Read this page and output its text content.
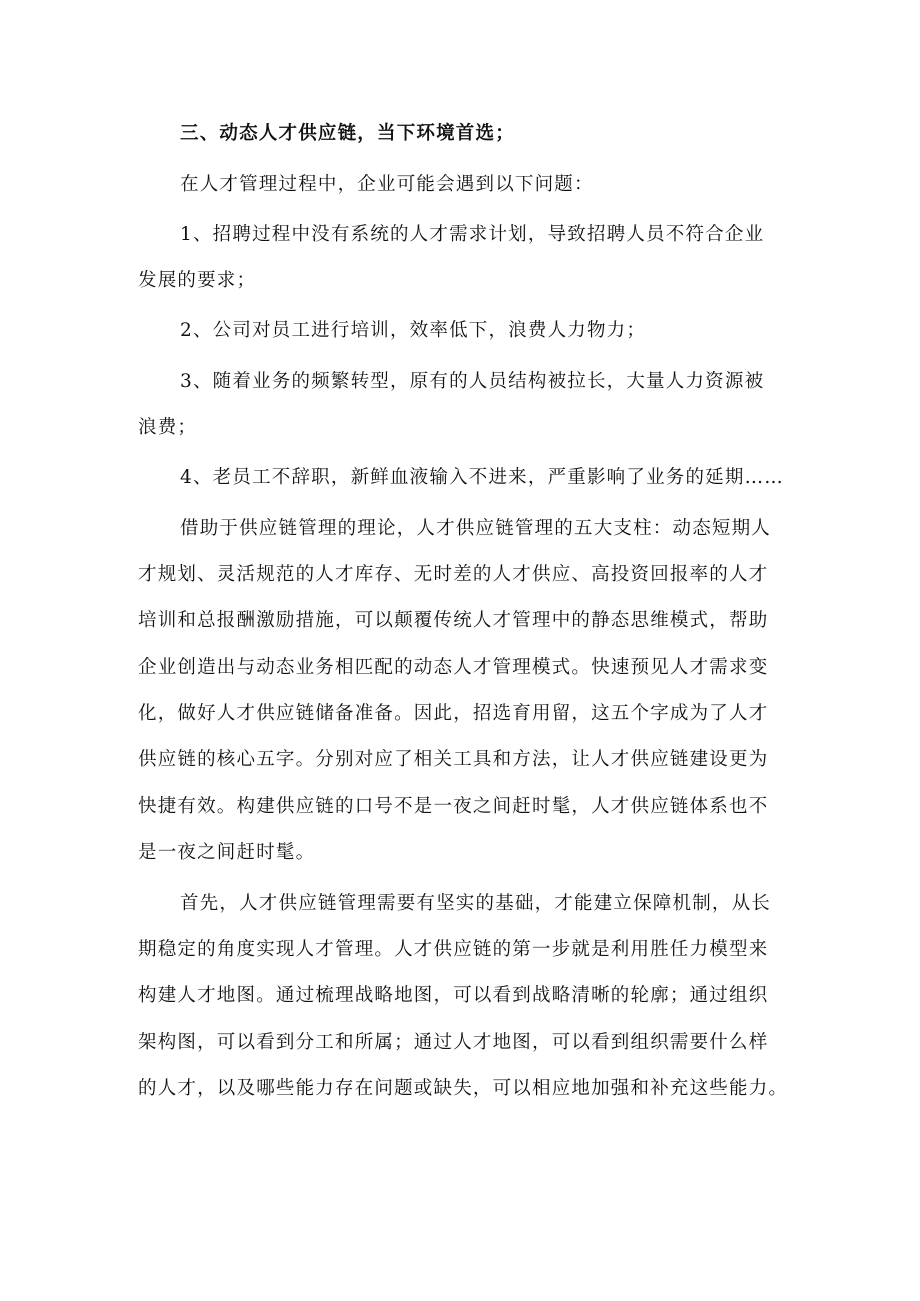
三、动态人才供应链，当下环境首选；
在人才管理过程中，企业可能会遇到以下问题：
1、招聘过程中没有系统的人才需求计划，导致招聘人员不符合企业
发展的要求；
2、公司对员工进行培训，效率低下，浪费人力物力；
3、随着业务的频繁转型，原有的人员结构被拉长，大量人力资源被
浪费；
4、老员工不辞职，新鲜血液输入不进来，严重影响了业务的延期……
借助于供应链管理的理论，人才供应链管理的五大支柱：动态短期人
才规划、灵活规范的人才库存、无时差的人才供应、高投资回报率的人才
培训和总报酬激励措施，可以颠覆传统人才管理中的静态思维模式，帮助
企业创造出与动态业务相匹配的动态人才管理模式。快速预见人才需求变
化，做好人才供应链储备准备。因此，招选育用留，这五个字成为了人才
供应链的核心五字。分别对应了相关工具和方法，让人才供应链建设更为
快捷有效。构建供应链的口号不是一夜之间赶时髦，人才供应链体系也不
是一夜之间赶时髦。
首先，人才供应链管理需要有坚实的基础，才能建立保障机制，从长
期稳定的角度实现人才管理。人才供应链的第一步就是利用胜任力模型来
构建人才地图。通过梳理战略地图，可以看到战略清晰的轮廓；通过组织
架构图，可以看到分工和所属；通过人才地图，可以看到组织需要什么样
的人才，以及哪些能力存在问题或缺失，可以相应地加强和补充这些能力。
